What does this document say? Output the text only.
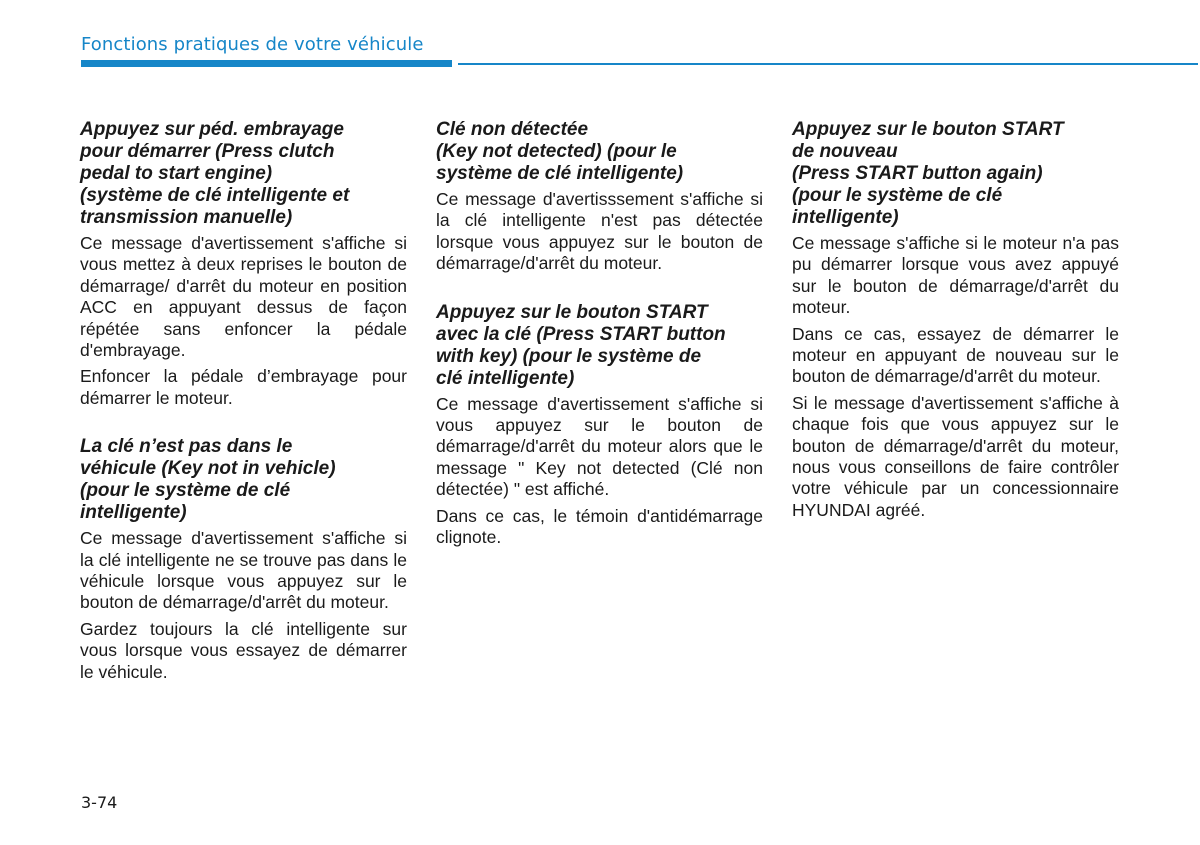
Fonctions pratiques de votre véhicule

Appuyez sur péd. embrayage
pour démarrer (Press clutch
pedal to start engine)
(système de clé intelligente et
transmission manuelle)

Ce message d'avertissement s'affiche si vous mettez à deux reprises le bouton de démarrage/ d'arrêt du moteur en position ACC en appuyant dessus de façon répétée sans enfoncer la pédale d'embrayage.

Enfoncer la pédale d’embrayage pour démarrer le moteur.

La clé n’est pas dans le
véhicule (Key not in vehicle)
(pour le système de clé
intelligente)

Ce message d'avertissement s'affiche si la clé intelligente ne se trouve pas dans le véhicule lorsque vous appuyez sur le bouton de démarrage/d'arrêt du moteur.

Gardez toujours la clé intelligente sur vous lorsque vous essayez de démarrer le véhicule.

Clé non détectée
(Key not detected) (pour le
système de clé intelligente)

Ce message d'avertisssement s'affiche si la clé intelligente n'est pas détectée lorsque vous appuyez sur le bouton de démarrage/d'arrêt du moteur.

Appuyez sur le bouton START
avec la clé (Press START button
with key) (pour le système de
clé intelligente)

Ce message d'avertissement s'affiche si vous appuyez sur le bouton de démarrage/d'arrêt du moteur alors que le message " Key not detected (Clé non détectée) " est affiché.

Dans ce cas, le témoin d'antidémarrage clignote.

Appuyez sur le bouton START
de nouveau
(Press START button again)
(pour le système de clé
intelligente)

Ce message s'affiche si le moteur n'a pas pu démarrer lorsque vous avez appuyé sur le bouton de démarrage/d'arrêt du moteur.

Dans ce cas, essayez de démarrer le moteur en appuyant de nouveau sur le bouton de démarrage/d'arrêt du moteur.

Si le message d'avertissement s'affiche à chaque fois que vous appuyez sur le bouton de démarrage/d'arrêt du moteur, nous vous conseillons de faire contrôler votre véhicule par un concessionnaire HYUNDAI agréé.

3-74
